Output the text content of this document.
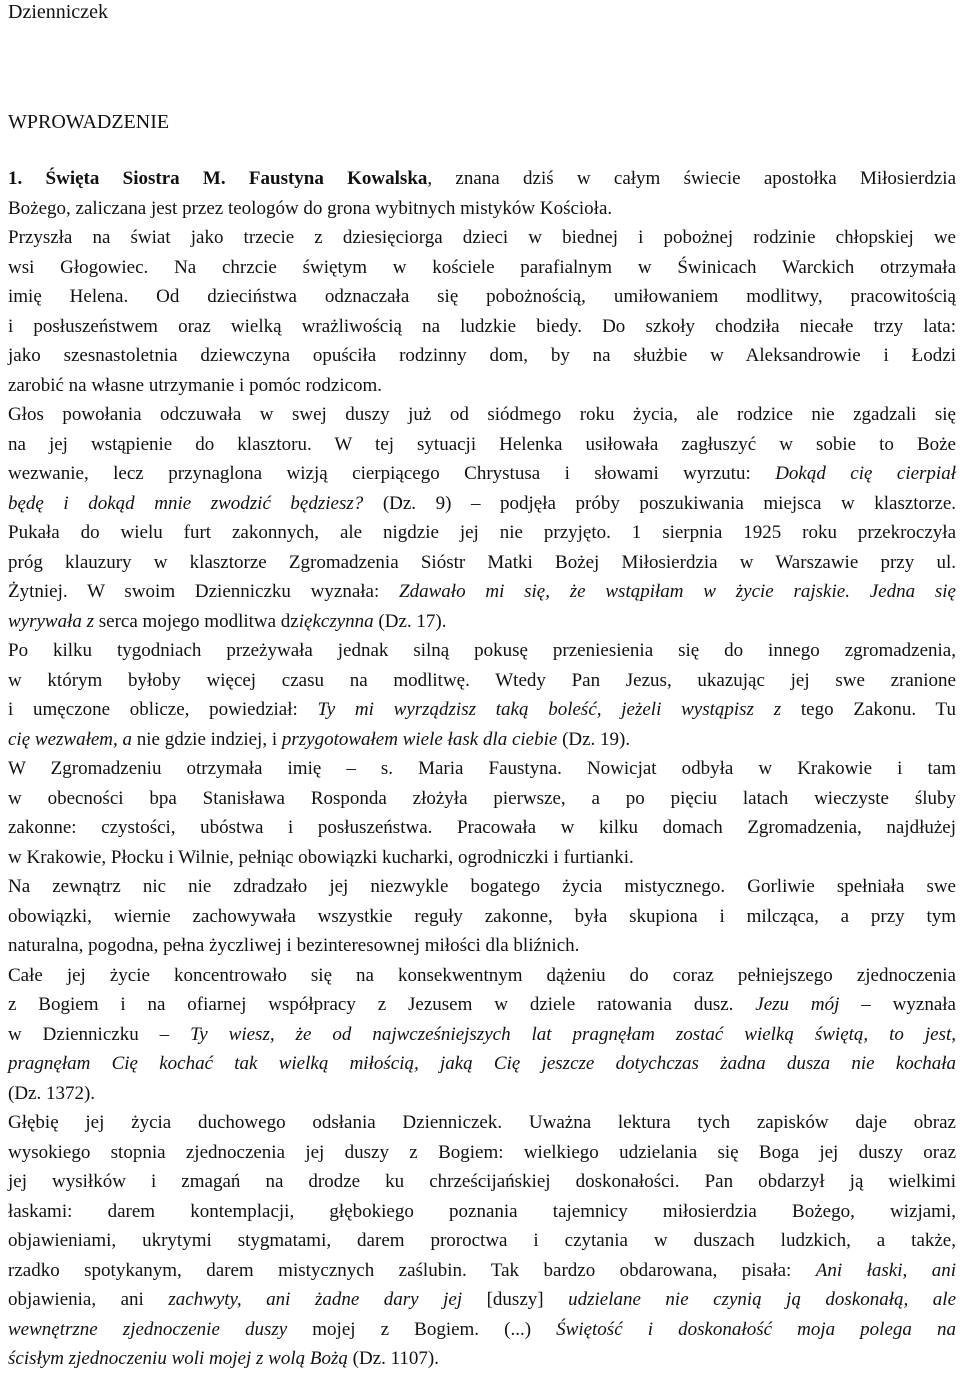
Dzienniczek
WPROWADZENIE

1. Święta Siostra M. Faustyna Kowalska, znana dziś w całym świecie apostołka Miłosierdzia
Bożego, zaliczana jest przez teologów do grona wybitnych mistyków Kościoła.

Przyszła na świat jako trzecie z dziesięciorga dzieci w biednej i pobożnej rodzinie chłopskiej we
wsi Głogowiec. Na chrzcie świętym w kościele parafialnym w Świnicach Warckich otrzymała
imię Helena. Od dzieciństwa odznaczała się pobożnością, umiłowaniem modlitwy, pracowitością
i posłuszeństwem oraz wielką wrażliwością na ludzkie biedy. Do szkoły chodziła niecałe trzy lata:
jako szesnastoletnia dziewczyna opuściła rodzinny dom, by na służbie w Aleksandrowie i Łodzi
zarobić na własne utrzymanie i pomóc rodzicom.

Głos powołania odczuwała w swej duszy już od siódmego roku życia, ale rodzice nie zgadzali się
na jej wstąpienie do klasztoru. W tej sytuacji Helenka usiłowała zagłuszyć w sobie to Boże
wezwanie, lecz przynaglona wizją cierpiącego Chrystusa i słowami wyrzutu: Dokąd cię cierpiał
będę i dokąd mnie zwodzić będziesz? (Dz. 9) – podjęła próby poszukiwania miejsca w klasztorze.
Pukała do wielu furt zakonnych, ale nigdzie jej nie przyjęto. 1 sierpnia 1925 roku przekroczyła
próg klauzury w klasztorze Zgromadzenia Sióstr Matki Bożej Miłosierdzia w Warszawie przy ul.
Żytniej. W swoim Dzienniczku wyznała: Zdawało mi się, że wstąpiłam w życie rajskie. Jedna się
wyrywała z serca mojego modlitwa dziękczynna (Dz. 17).

Po kilku tygodniach przeżywała jednak silną pokusę przeniesienia się do innego zgromadzenia,
w którym byłoby więcej czasu na modlitwę. Wtedy Pan Jezus, ukazując jej swe zranione
i umęczone oblicze, powiedział: Ty mi wyrządzisz taką boleść, jeżeli wystąpisz z tego Zakonu. Tu
cię wezwałem, a nie gdzie indziej, i przygotowałem wiele łask dla ciebie (Dz. 19).

W Zgromadzeniu otrzymała imię – s. Maria Faustyna. Nowicjat odbyła w Krakowie i tam
w obecności bpa Stanisława Rospondа złożyła pierwsze, a po pięciu latach wieczyste śluby
zakonne: czystości, ubóstwa i posłuszeństwa. Pracowała w kilku domach Zgromadzenia, najdłużej
w Krakowie, Płocku i Wilnie, pełniąc obowiązki kucharki, ogrodniczki i furtianki.

Na zewnątrz nic nie zdradzało jej niezwykle bogatego życia mistycznego. Gorliwie spełniała swe
obowiązki, wiernie zachowywała wszystkie reguły zakonne, była skupiona i milcząca, a przy tym
naturalna, pogodna, pełna życzliwej i bezinteresownej miłości dla bliźnich.

Całe jej życie koncentrowało się na konsekwentnym dążeniu do coraz pełniejszego zjednoczenia
z Bogiem i na ofiarnej współpracy z Jezusem w dziele ratowania dusz. Jezu mój – wyznała
w Dzienniczku – Ty wiesz, że od najwcześniejszych lat pragnęłam zostać wielką świętą, to jest,
pragnęłam Cię kochać tak wielką miłością, jaką Cię jeszcze dotychczas żadna dusza nie kochała
(Dz. 1372).

Głębię jej życia duchowego odsłania Dzienniczek. Uważna lektura tych zapisków daje obraz
wysokiego stopnia zjednoczenia jej duszy z Bogiem: wielkiego udzielania się Boga jej duszy oraz
jej wysiłków i zmagań na drodze ku chrześcijańskiej doskonałości. Pan obdarzył ją wielkimi
łaskami: darem kontemplacji, głębokiego poznania tajemnicy miłosierdzia Bożego, wizjami,
objawieniami, ukrytymi stygmatami, darem proroctwa i czytania w duszach ludzkich, a także,
rzadko spotykanym, darem mistycznych zaślubin. Tak bardzo obdarowana, pisała: Ani łaski, ani
objawienia, ani zachwyty, ani żadne dary jej [duszy] udzielane nie czynią ją doskonałą, ale
wewnętrzne zjednoczenie duszy mojej z Bogiem. (...) Świętość i doskonałość moja polega na
ścisłym zjednoczeniu woli mojej z wolą Bożą (Dz. 1107).
